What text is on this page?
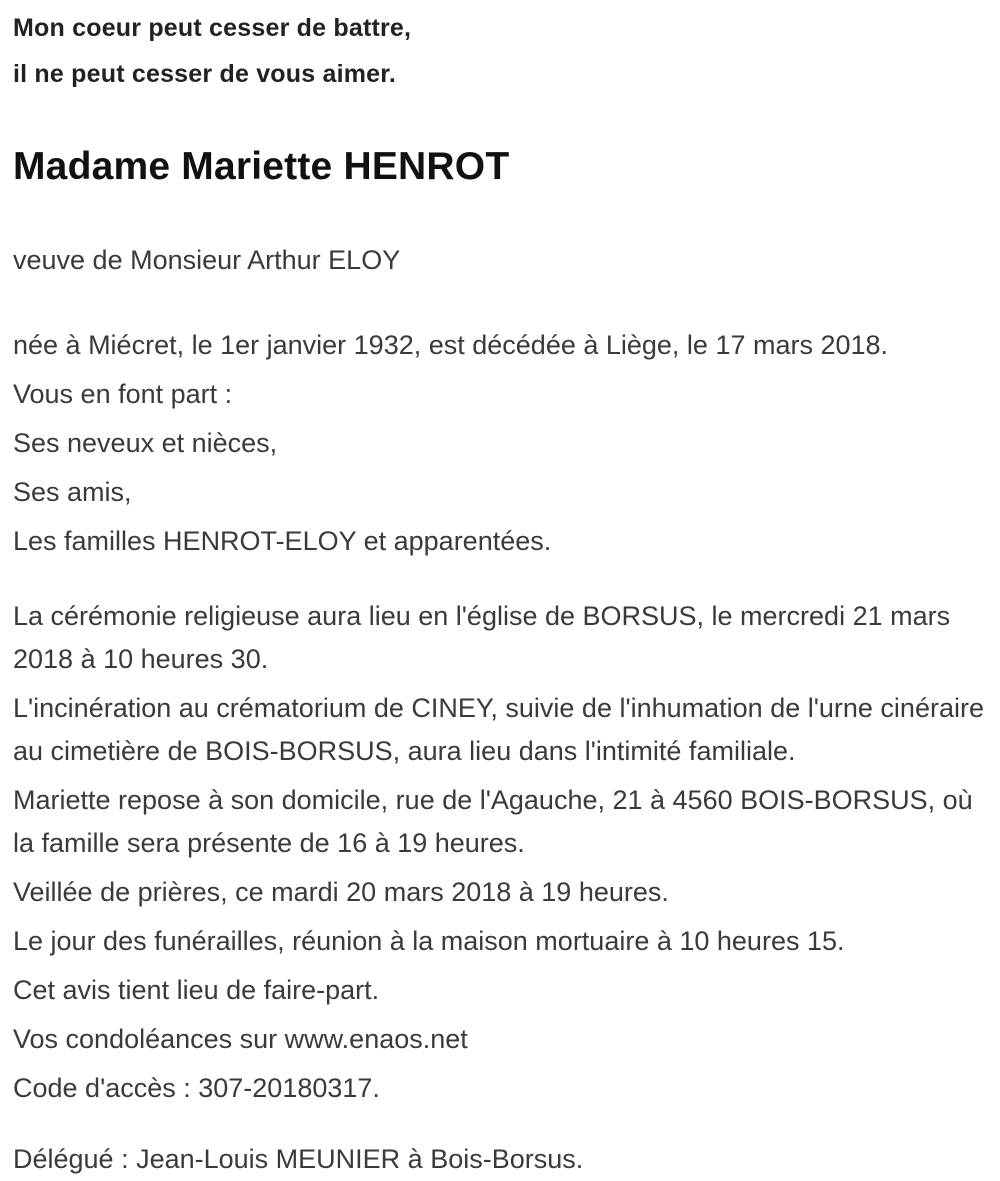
Mon coeur peut cesser de battre,

il ne peut cesser de vous aimer.

Madame Mariette HENROT

veuve de Monsieur Arthur ELOY

née à Miécret, le 1er janvier 1932, est décédée à Liège, le 17 mars 2018.

Vous en font part :

Ses neveux et nièces,

Ses amis,

Les familles HENROT-ELOY et apparentées.

La cérémonie religieuse aura lieu en l'église de BORSUS, le mercredi 21 mars 2018 à 10 heures 30.

L'incinération au crématorium de CINEY, suivie de l'inhumation de l'urne cinéraire au cimetière de BOIS-BORSUS, aura lieu dans l'intimité familiale.

Mariette repose à son domicile, rue de l'Agauche, 21 à 4560 BOIS-BORSUS, où la famille sera présente de 16 à 19 heures.

Veillée de prières, ce mardi 20 mars 2018 à 19 heures.

Le jour des funérailles, réunion à la maison mortuaire à 10 heures 15.

Cet avis tient lieu de faire-part.

Vos condoléances sur www.enaos.net

Code d'accès : 307-20180317.

Délégué : Jean-Louis MEUNIER à Bois-Borsus.
